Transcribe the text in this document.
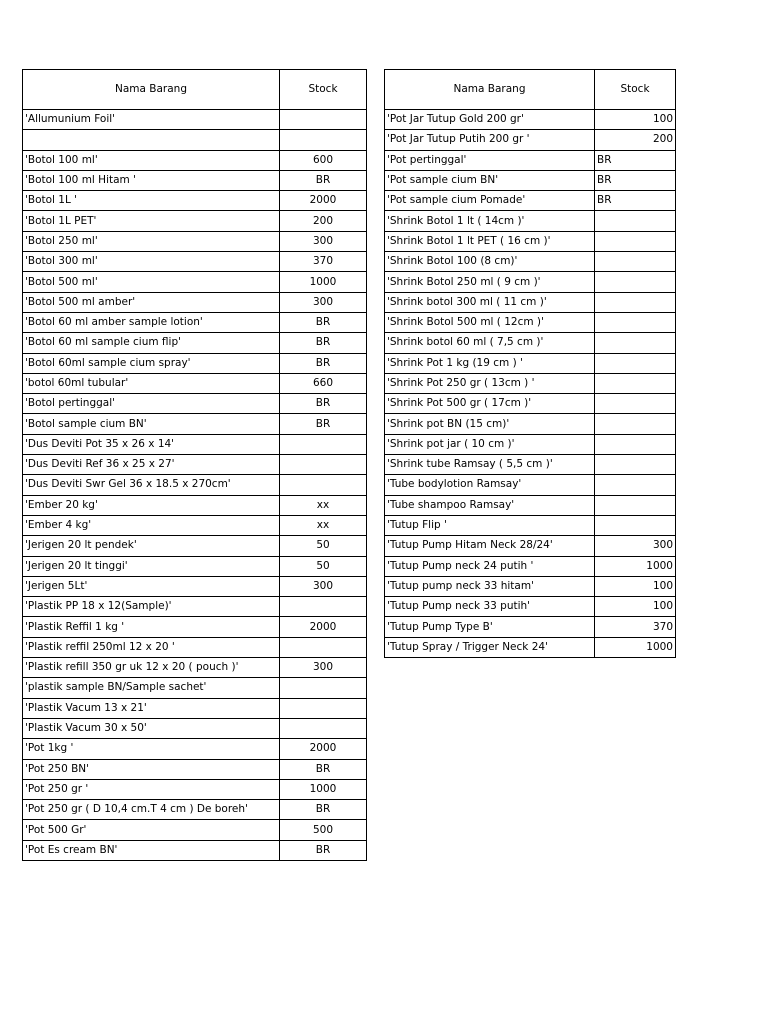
Nama Barang	Stock
'Allumunium Foil'	

'Botol 100 ml'	600
'Botol 100 ml Hitam '	BR
'Botol 1L '	2000
'Botol 1L PET'	200
'Botol 250 ml'	300
'Botol 300 ml'	370
'Botol 500 ml'	1000
'Botol 500 ml amber'	300
'Botol 60 ml amber sample lotion'	BR
'Botol 60 ml sample cium flip'	BR
'Botol 60ml sample cium spray'	BR
'botol 60ml tubular'	660
'Botol pertinggal'	BR
'Botol sample cium BN'	BR
'Dus Deviti Pot 35 x 26 x 14'	
'Dus Deviti Ref 36 x 25 x 27'	
'Dus Deviti Swr Gel 36 x 18.5 x 270cm'	
'Ember 20 kg'	xx
'Ember 4 kg'	xx
'Jerigen 20 lt pendek'	50
'Jerigen 20 lt tinggi'	50
'Jerigen 5Lt'	300
'Plastik PP 18 x 12(Sample)'	
'Plastik Reffil 1 kg '	2000
'Plastik reffil 250ml 12 x 20 '	
'Plastik refill 350 gr uk 12 x 20 ( pouch )'	300
'plastik sample BN/Sample sachet'	
'Plastik Vacum 13 x 21'	
'Plastik Vacum 30 x 50'	
'Pot 1kg '	2000
'Pot 250 BN'	BR
'Pot 250 gr '	1000
'Pot 250 gr ( D 10,4 cm.T 4 cm ) De boreh'	BR
'Pot 500 Gr'	500
'Pot Es cream BN'	BR
Nama Barang	Stock
'Pot Jar Tutup Gold 200 gr'	100
'Pot Jar Tutup Putih 200 gr '	200
'Pot pertinggal'	BR
'Pot sample cium BN'	BR
'Pot sample cium Pomade'	BR
'Shrink Botol 1 lt ( 14cm )'	
'Shrink Botol 1 lt PET ( 16 cm )'	
'Shrink Botol 100 (8 cm)'	
'Shrink Botol 250 ml ( 9 cm )'	
'Shrink botol 300 ml ( 11 cm )'	
'Shrink Botol 500 ml ( 12cm )'	
'Shrink botol 60 ml ( 7,5 cm )'	
'Shrink Pot 1 kg (19 cm ) '	
'Shrink Pot 250 gr ( 13cm ) '	
'Shrink Pot 500 gr ( 17cm )'	
'Shrink pot BN (15 cm)'	
'Shrink pot jar ( 10 cm )'	
'Shrink tube Ramsay ( 5,5 cm )'	
'Tube bodylotion Ramsay'	
'Tube shampoo Ramsay'	
'Tutup Flip '	
'Tutup Pump Hitam Neck 28/24'	300
'Tutup Pump neck 24 putih '	1000
'Tutup pump neck 33 hitam'	100
'Tutup Pump neck 33 putih'	100
'Tutup Pump Type B'	370
'Tutup Spray / Trigger Neck 24'	1000
